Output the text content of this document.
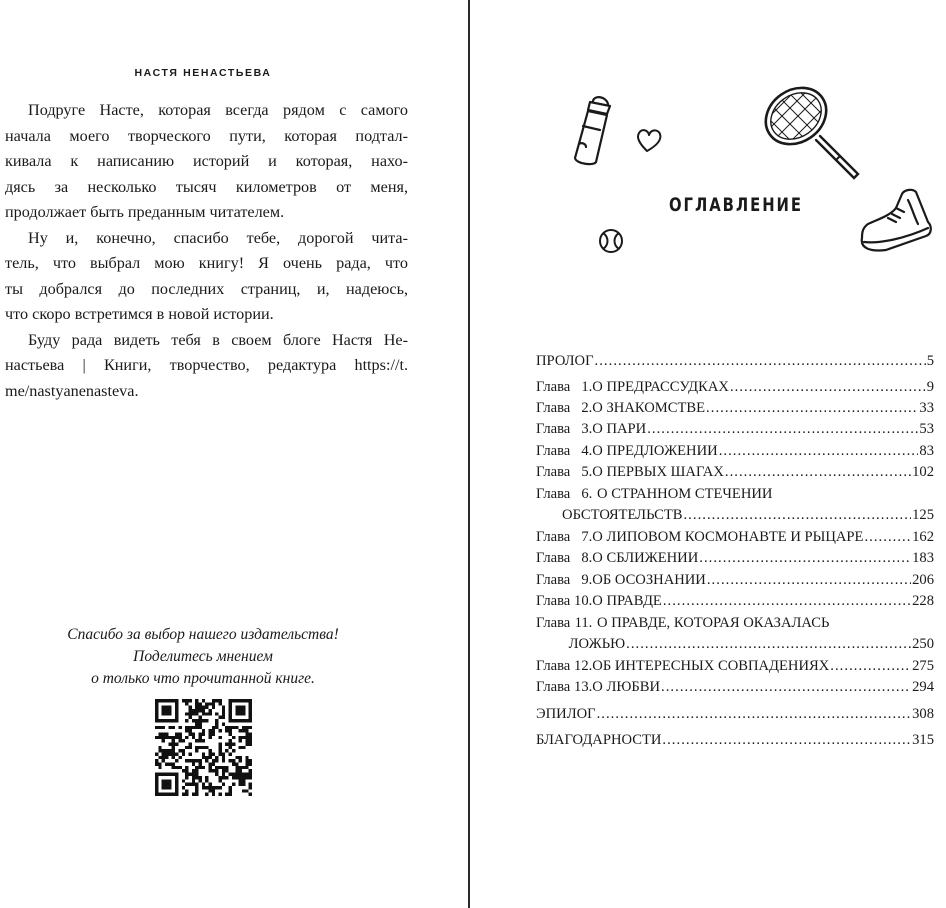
НАСТЯ НЕНАСТЬЕВА

Подруге Насте, которая всегда рядом с самого
начала моего творческого пути, которая подтал-
кивала к написанию историй и которая, нахо-
дясь за несколько тысяч километров от меня,
продолжает быть преданным читателем.

Ну и, конечно, спасибо тебе, дорогой чита-
тель, что выбрал мою книгу! Я очень рада, что
ты добрался до последних страниц, и, надеюсь,
что скоро встретимся в новой истории.

Буду рада видеть тебя в своем блоге Настя Не-
настьева | Книги, творчество, редактура https://t.
me/nastyanenasteva.

Спасибо за выбор нашего издательства!
Поделитесь мнением
о только что прочитанной книге.
ОГЛАВЛЕНИЕ
ПРОЛОГ . . .	5
Глава 1. О ПРЕДРАССУДКАХ . . .	9
Глава 2. О ЗНАКОМСТВЕ . . .	33
Глава 3. О ПАРИ . . .	53
Глава 4. О ПРЕДЛОЖЕНИИ . . .	83
Глава 5. О ПЕРВЫХ ШАГАХ . . .	102
Глава 6. О СТРАННОМ СТЕЧЕНИИ
ОБСТОЯТЕЛЬСТВ . . .	125
Глава 7. О ЛИПОВОМ КОСМОНАВТЕ И РЫЦАРЕ . . .	162
Глава 8. О СБЛИЖЕНИИ . . .	183
Глава 9. ОБ ОСОЗНАНИИ . . .	206
Глава 10. О ПРАВДЕ . . .	228
Глава 11. О ПРАВДЕ, КОТОРАЯ ОКАЗАЛАСЬ
ЛОЖЬЮ . . .	250
Глава 12. ОБ ИНТЕРЕСНЫХ СОВПАДЕНИЯХ . . .	275
Глава 13. О ЛЮБВИ . . .	294
ЭПИЛОГ . . .	308
БЛАГОДАРНОСТИ . . .	315
